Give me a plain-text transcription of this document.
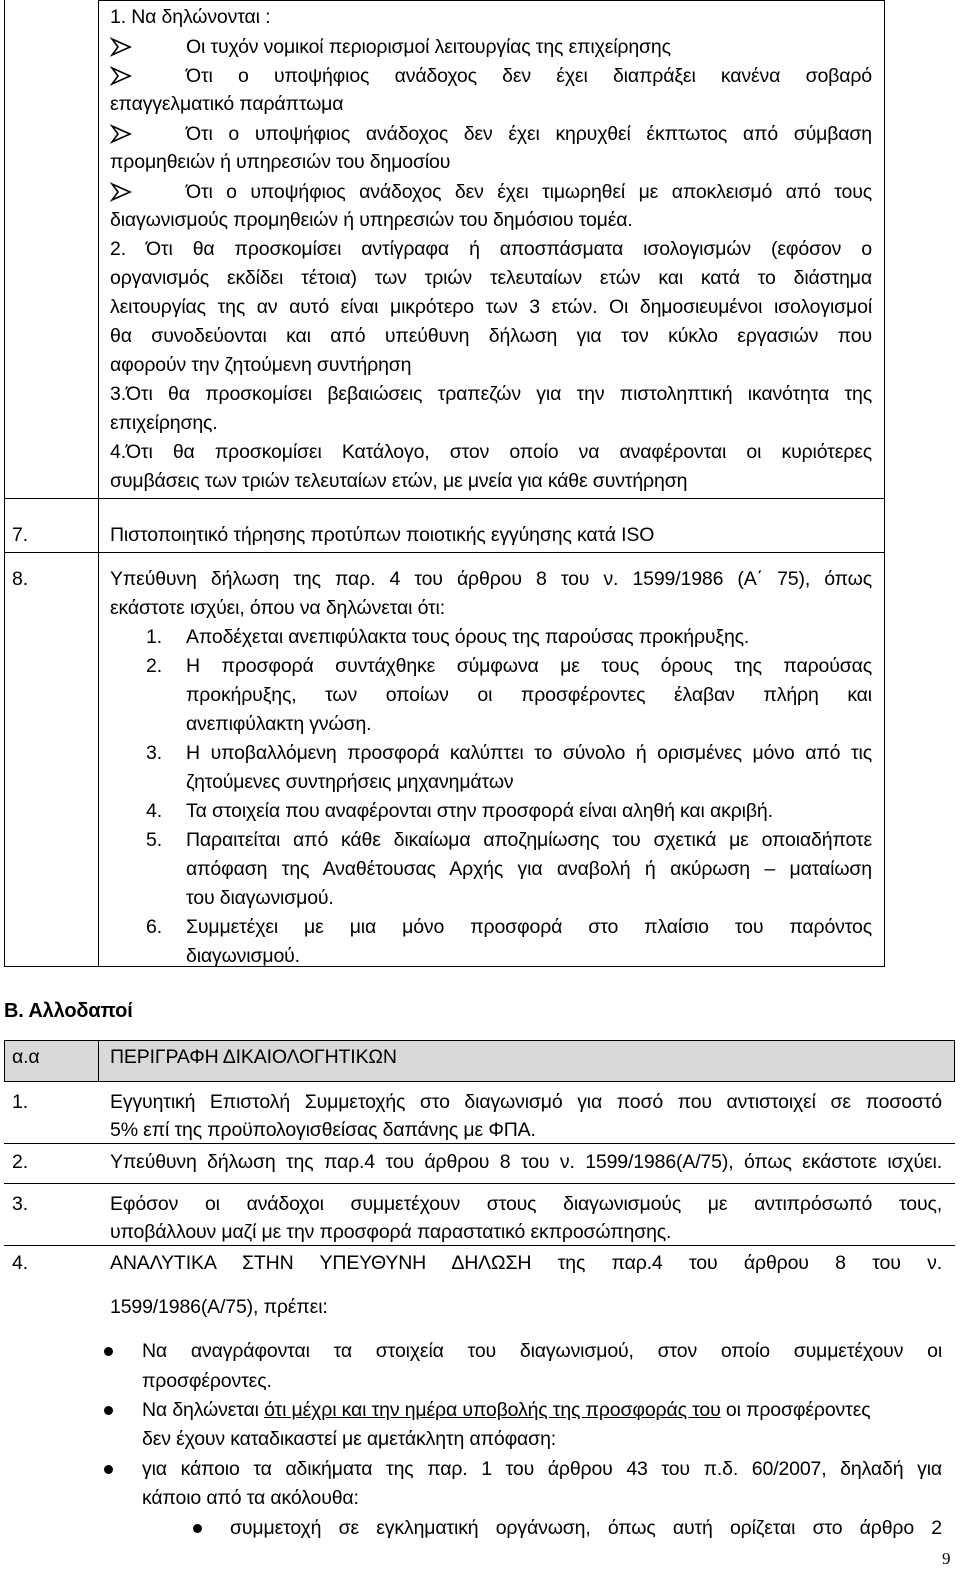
1. Να δηλώνονται :
Οι τυχόν νομικοί περιορισμοί λειτουργίας της επιχείρησης
Ότι ο υποψήφιος ανάδοχος δεν έχει διαπράξει κανένα σοβαρό
επαγγελματικό παράπτωμα
Ότι ο υποψήφιος ανάδοχος δεν έχει κηρυχθεί έκπτωτος από σύμβαση
προμηθειών ή υπηρεσιών του δημοσίου
Ότι ο υποψήφιος ανάδοχος δεν έχει τιμωρηθεί με αποκλεισμό από τους
διαγωνισμούς προμηθειών ή υπηρεσιών του δημόσιου τομέα.
2. Ότι θα προσκομίσει αντίγραφα ή αποσπάσματα ισολογισμών (εφόσον ο
οργανισμός εκδίδει τέτοια) των τριών τελευταίων ετών και κατά το διάστημα
λειτουργίας της αν αυτό είναι μικρότερο των 3 ετών. Οι δημοσιευμένοι ισολογισμοί
θα συνοδεύονται και από υπεύθυνη δήλωση για τον κύκλο εργασιών που
αφορούν την ζητούμενη συντήρηση
3.Ότι θα προσκομίσει βεβαιώσεις τραπεζών για την πιστοληπτική ικανότητα της
επιχείρησης.
4.Ότι θα προσκομίσει Κατάλογο, στον οποίο να αναφέρονται οι κυριότερες
συμβάσεις των τριών τελευταίων ετών, με μνεία για κάθε συντήρηση
7.	Πιστοποιητικό τήρησης προτύπων ποιοτικής εγγύησης κατά ISO
8.	Υπεύθυνη δήλωση της παρ. 4 του άρθρου 8 του ν. 1599/1986 (Α΄ 75), όπως
εκάστοτε ισχύει, όπου να δηλώνεται ότι:
1. Αποδέχεται ανεπιφύλακτα τους όρους της παρούσας προκήρυξης.
2. Η προσφορά συντάχθηκε σύμφωνα με τους όρους της παρούσας
προκήρυξης, των οποίων οι προσφέροντες έλαβαν πλήρη και
ανεπιφύλακτη γνώση.
3. Η υποβαλλόμενη προσφορά καλύπτει το σύνολο ή ορισμένες μόνο από τις
ζητούμενες συντηρήσεις μηχανημάτων
4. Τα στοιχεία που αναφέρονται στην προσφορά είναι αληθή και ακριβή.
5. Παραιτείται από κάθε δικαίωμα αποζημίωσης του σχετικά με οποιαδήποτε
απόφαση της Αναθέτουσας Αρχής για αναβολή ή ακύρωση – ματαίωση
του διαγωνισμού.
6. Συμμετέχει με μια μόνο προσφορά στο πλαίσιο του παρόντος
διαγωνισμού.
Β. Αλλοδαποί
α.α	ΠΕΡΙΓΡΑΦΗ ΔΙΚΑΙΟΛΟΓΗΤΙΚΩΝ
1.	Εγγυητική Επιστολή Συμμετοχής στο διαγωνισμό για ποσό που αντιστοιχεί σε ποσοστό
5% επί της προϋπολογισθείσας δαπάνης με ΦΠΑ.
2.	Υπεύθυνη δήλωση της παρ.4 του άρθρου 8 του ν. 1599/1986(Α/75), όπως εκάστοτε ισχύει.
3.	Εφόσον οι ανάδοχοι συμμετέχουν στους διαγωνισμούς με αντιπρόσωπό τους,
υποβάλλουν μαζί με την προσφορά παραστατικό εκπροσώπησης.
4.	ΑΝΑΛΥΤΙΚΑ ΣΤΗΝ ΥΠΕΥΘΥΝΗ ΔΗΛΩΣΗ της παρ.4 του άρθρου 8 του ν.
1599/1986(Α/75), πρέπει:
Να αναγράφονται τα στοιχεία του διαγωνισμού, στον οποίο συμμετέχουν οι
προσφέροντες.
Να δηλώνεται ότι μέχρι και την ημέρα υποβολής της προσφοράς του οι προσφέροντες
δεν έχουν καταδικαστεί με αμετάκλητη απόφαση:
για κάποιο τα αδικήματα της παρ. 1 του άρθρου 43 του π.δ. 60/2007, δηλαδή για
κάποιο από τα ακόλουθα:
συμμετοχή σε εγκληματική οργάνωση, όπως αυτή ορίζεται στο άρθρο 2
9
